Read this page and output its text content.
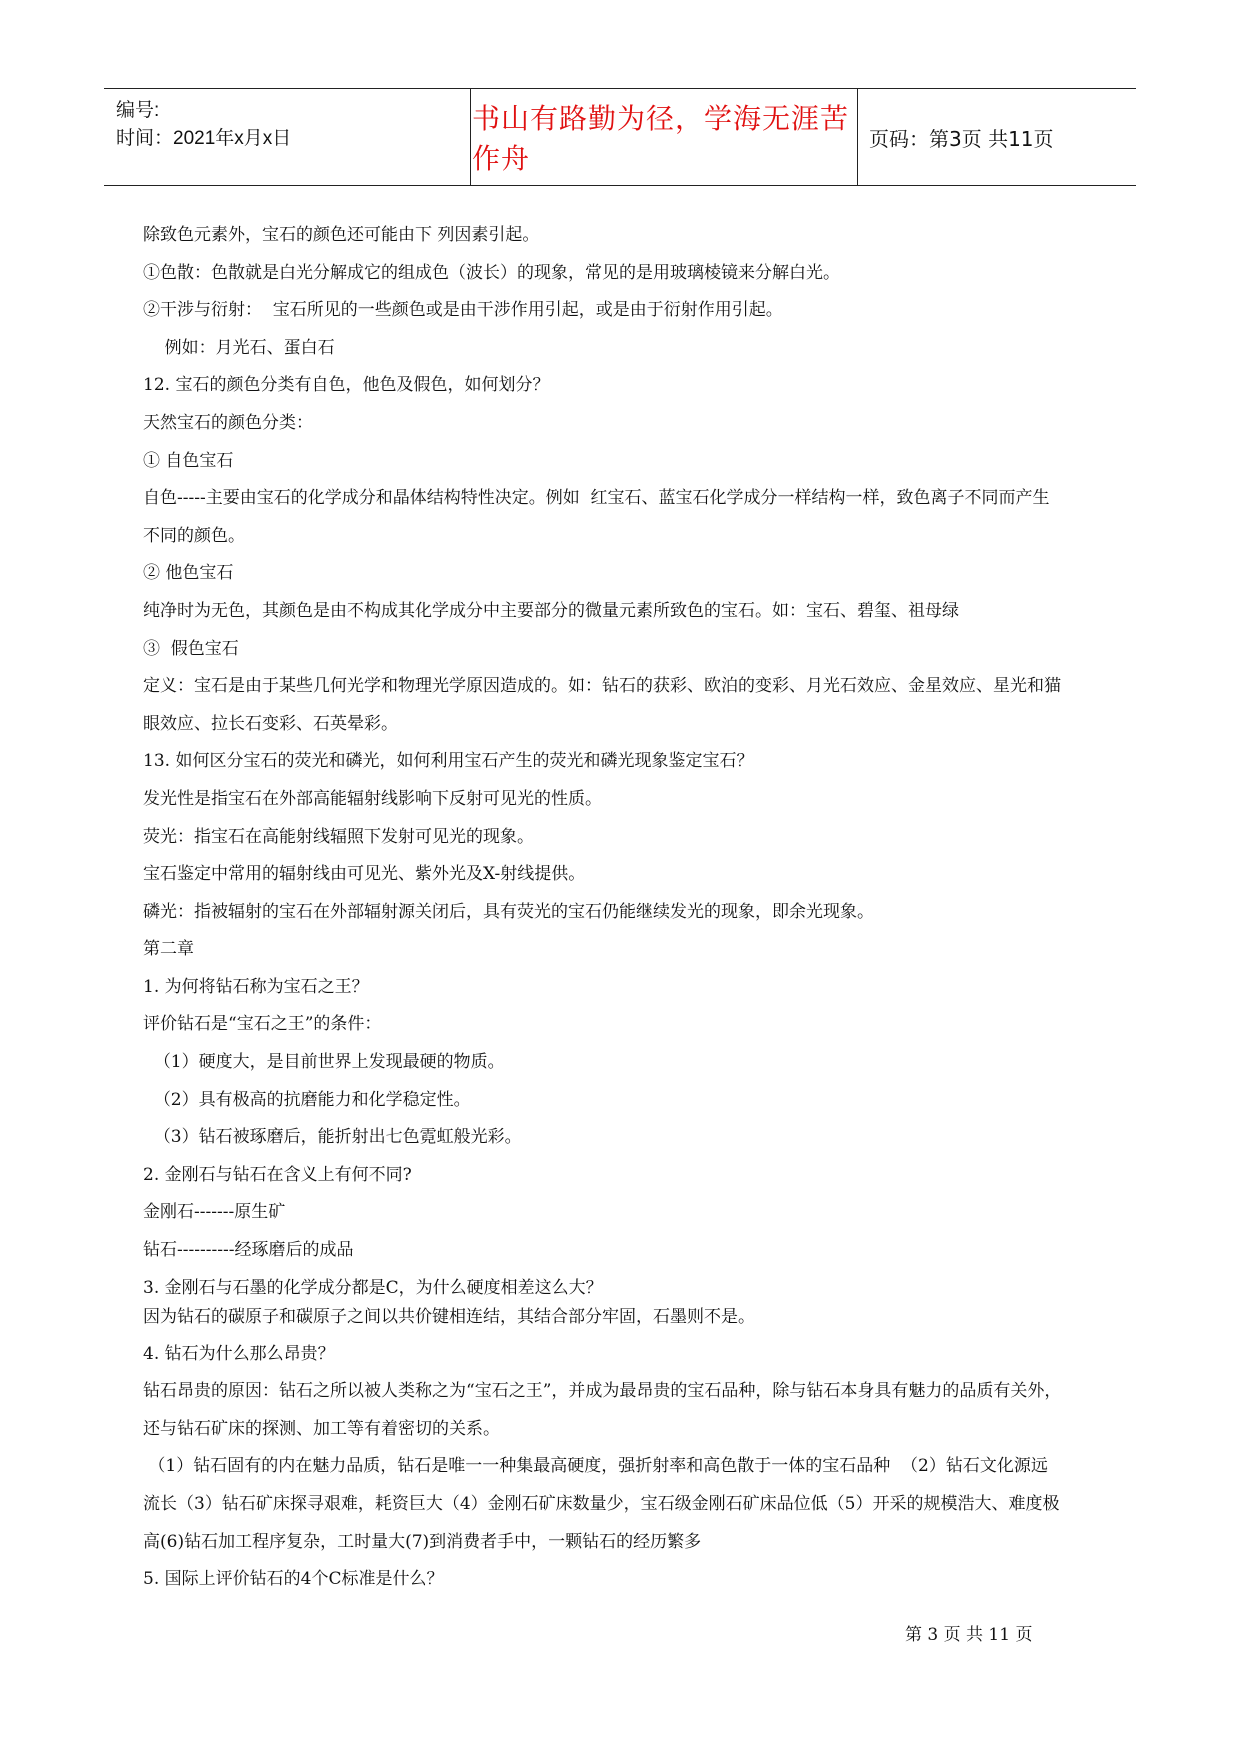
编号:
时间：2021年x月x日
书山有路勤为径，学海无涯苦作舟
页码：第3页 共11页

除致色元素外，宝石的颜色还可能由下 列因素引起。

①色散：色散就是白光分解成它的组成色（波长）的现象，常见的是用玻璃棱镜来分解白光。

②干涉与衍射：  宝石所见的一些颜色或是由干涉作用引起，或是由于衍射作用引起。

例如：月光石、蛋白石

12. 宝石的颜色分类有自色，他色及假色，如何划分？

天然宝石的颜色分类：

① 自色宝石

自色-----主要由宝石的化学成分和晶体结构特性决定。例如  红宝石、蓝宝石化学成分一样结构一样，致色离子不同而产生不同的颜色。

② 他色宝石

纯净时为无色，其颜色是由不构成其化学成分中主要部分的微量元素所致色的宝石。如：宝石、碧玺、祖母绿

③  假色宝石

定义：宝石是由于某些几何光学和物理光学原因造成的。如：钻石的获彩、欧泊的变彩、月光石效应、金星效应、星光和猫眼效应、拉长石变彩、石英晕彩。

13. 如何区分宝石的荧光和磷光，如何利用宝石产生的荧光和磷光现象鉴定宝石？

发光性是指宝石在外部高能辐射线影响下反射可见光的性质。

荧光：指宝石在高能射线辐照下发射可见光的现象。

宝石鉴定中常用的辐射线由可见光、紫外光及X-射线提供。

磷光：指被辐射的宝石在外部辐射源关闭后，具有荧光的宝石仍能继续发光的现象，即余光现象。

第二章

1. 为何将钻石称为宝石之王？

评价钻石是“宝石之王”的条件：

（1）硬度大，是目前世界上发现最硬的物质。

（2）具有极高的抗磨能力和化学稳定性。

（3）钻石被琢磨后，能折射出七色霓虹般光彩。

2. 金刚石与钻石在含义上有何不同?

金刚石-------原生矿

钻石----------经琢磨后的成品

3. 金刚石与石墨的化学成分都是C，为什么硬度相差这么大？

因为钻石的碳原子和碳原子之间以共价键相连结，其结合部分牢固，石墨则不是。

4. 钻石为什么那么昂贵？

钻石昂贵的原因：钻石之所以被人类称之为“宝石之王”，并成为最昂贵的宝石品种，除与钻石本身具有魅力的品质有关外，还与钻石矿床的探测、加工等有着密切的关系。

（1）钻石固有的内在魅力品质，钻石是唯一一种集最高硬度，强折射率和高色散于一体的宝石品种  （2）钻石文化源远流长（3）钻石矿床探寻艰难，耗资巨大（4）金刚石矿床数量少，宝石级金刚石矿床品位低（5）开采的规模浩大、难度极高(6)钻石加工程序复杂，工时量大(7)到消费者手中，一颗钻石的经历繁多

5. 国际上评价钻石的4个C标准是什么？

第 3 页 共 11 页
